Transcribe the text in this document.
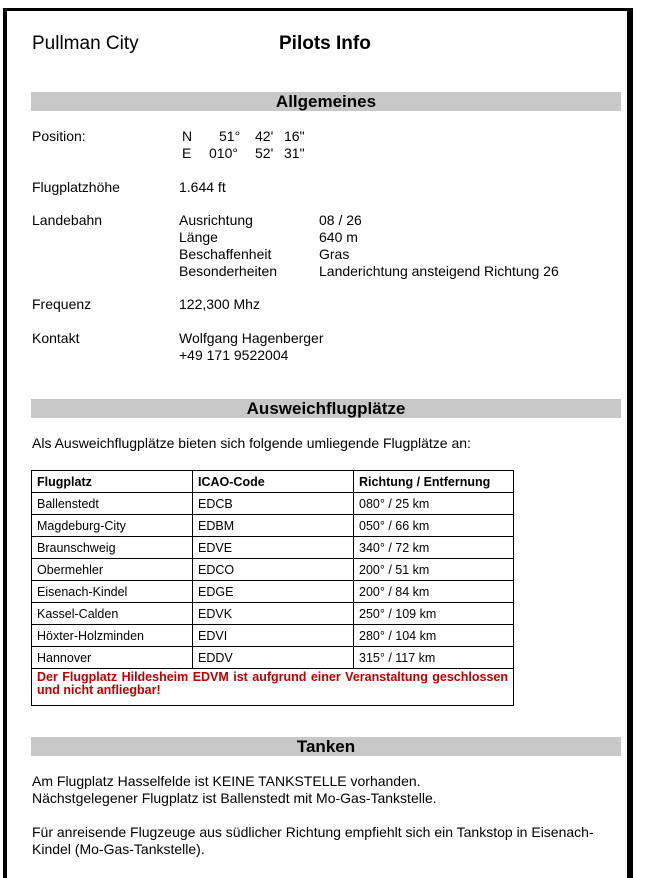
Pullman City	Pilots Info
Allgemeines
Position:	N 51° 42' 16"
E 010° 52' 31"
Flugplatzhöhe	1.644 ft
Landebahn	Ausrichtung	08 / 26
Länge	640 m
Beschaffenheit	Gras
Besonderheiten	Landerichtung ansteigend Richtung 26
Frequenz	122,300 Mhz
Kontakt	Wolfgang Hagenberger
+49 171 9522004
Ausweichflugplätze
Als Ausweichflugplätze bieten sich folgende umliegende Flugplätze an:
Flugplatz	ICAO-Code	Richtung / Entfernung
Ballenstedt	EDCB	080° / 25 km
Magdeburg-City	EDBM	050° / 66 km
Braunschweig	EDVE	340° / 72 km
Obermehler	EDCO	200° / 51 km
Eisenach-Kindel	EDGE	200° / 84 km
Kassel-Calden	EDVK	250° / 109 km
Höxter-Holzminden	EDVI	280° / 104 km
Hannover	EDDV	315° / 117 km
Der Flugplatz Hildesheim EDVM ist aufgrund einer Veranstaltung geschlossen und nicht anfliegbar!		
Tanken
Am Flugplatz Hasselfelde ist KEINE TANKSTELLE vorhanden.
Nächstgelegener Flugplatz ist Ballenstedt mit Mo-Gas-Tankstelle.
Für anreisende Flugzeuge aus südlicher Richtung empfiehlt sich ein Tankstop in Eisenach-Kindel (Mo-Gas-Tankstelle).
